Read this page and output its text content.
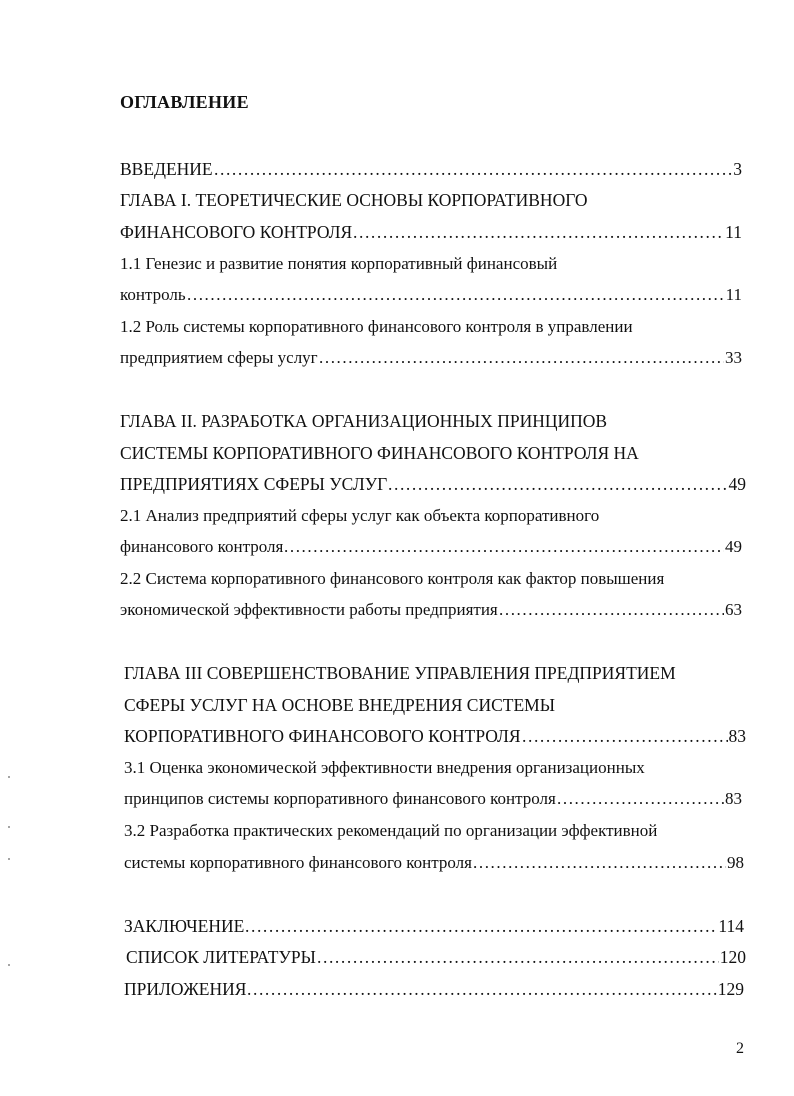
ОГЛАВЛЕНИЕ
ВВЕДЕНИЕ .....	3
ГЛАВА I. ТЕОРЕТИЧЕСКИЕ ОСНОВЫ КОРПОРАТИВНОГО
ФИНАНСОВОГО КОНТРОЛЯ .....	11
1.1 Генезис и развитие понятия корпоративный финансовый
контроль .....	11
1.2 Роль системы корпоративного финансового контроля в управлении
предприятием сферы услуг .....	33
ГЛАВА II. РАЗРАБОТКА ОРГАНИЗАЦИОННЫХ ПРИНЦИПОВ
СИСТЕМЫ КОРПОРАТИВНОГО ФИНАНСОВОГО КОНТРОЛЯ НА
ПРЕДПРИЯТИЯХ СФЕРЫ УСЛУГ .....	49
2.1 Анализ предприятий сферы услуг как объекта корпоративного
финансового контроля .....	49
2.2 Система корпоративного финансового контроля как фактор повышения
экономической эффективности работы предприятия .....	63
ГЛАВА III СОВЕРШЕНСТВОВАНИЕ УПРАВЛЕНИЯ ПРЕДПРИЯТИЕМ
СФЕРЫ УСЛУГ НА ОСНОВЕ ВНЕДРЕНИЯ СИСТЕМЫ
КОРПОРАТИВНОГО ФИНАНСОВОГО КОНТРОЛЯ .....	83
3.1 Оценка экономической эффективности внедрения организационных
принципов системы корпоративного финансового контроля .....	83
3.2 Разработка практических рекомендаций по организации эффективной
системы корпоративного финансового контроля .....	98
ЗАКЛЮЧЕНИЕ .....	114
СПИСОК ЛИТЕРАТУРЫ .....	120
ПРИЛОЖЕНИЯ .....	129
2
